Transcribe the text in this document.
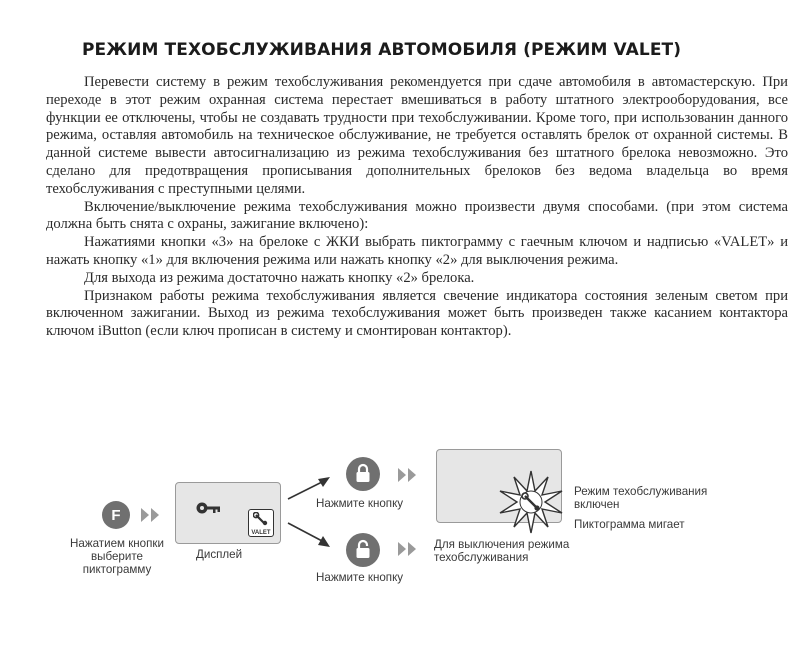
РЕЖИМ ТЕХОБСЛУЖИВАНИЯ АВТОМОБИЛЯ (РЕЖИМ VALET)

Перевести систему в режим техобслуживания рекомендуется при сдаче автомобиля в автомастерскую. При переходе в этот режим охранная система перестает вмешиваться в работу штатного электрооборудования, все функции ее отключены, чтобы не создавать трудности при техобслуживании. Кроме того, при использованин данного режима, оставляя автомобиль на техническое обслуживание, не требуется оставлять брелок от охранной системы. В данной системе вывести автосигнализацию из режима техобслуживания без штатного брелока невозможно. Это сделано для предотвращения прописывания дополнительных брелоков без ведома владельца во время техобслуживания с преступными целями.

Включение/выключение режима техобслуживания можно произвести двумя способами. (при этом система должна быть снята с охраны, зажигание включено):

Нажатиями кнопки «3» на брелоке с ЖКИ выбрать пиктограмму с гаечным ключом и надписью «VALET» и нажать кнопку «1» для включения режима или нажать кнопку «2» для выключения режима.

Для выхода из режима достаточно нажать кнопку «2» брелока.

Признаком работы режима техобслуживания является свечение индикатора состояния зеленым светом при включенном зажигании. Выход из режима техобслуживания может быть произведен также касанием контактора ключом iButton (если ключ прописан в систему и смонтирован контактор).

F
Нажатием кнопки
выберите
пиктограмму
VALET
Дисплей
Нажмите кнопку
Нажмите кнопку
Режим техобслуживания
включен
Пиктограмма мигает
Для выключения режима
техобслуживания
